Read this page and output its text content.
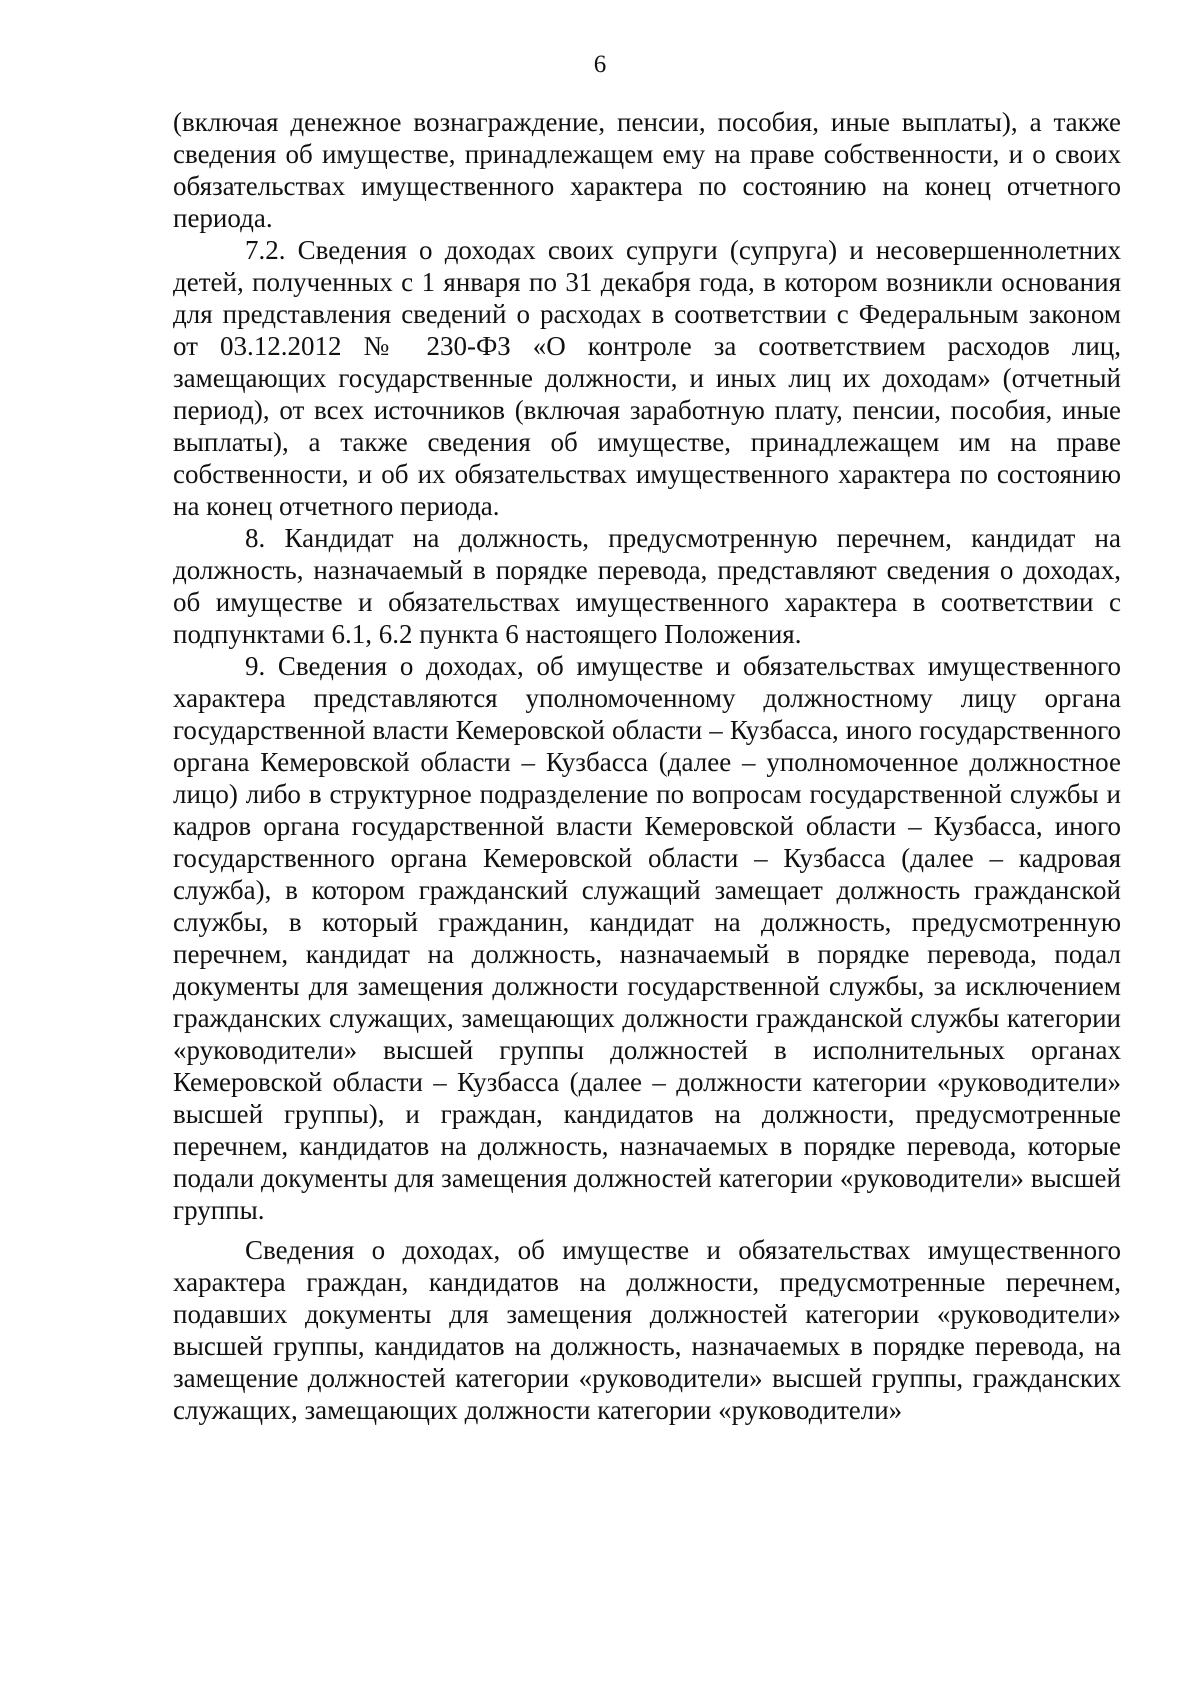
6

(включая денежное вознаграждение, пенсии, пособия, иные выплаты), а также сведения об имуществе, принадлежащем ему на праве собственности, и о своих обязательствах имущественного характера по состоянию на конец отчетного периода.

7.2. Сведения о доходах своих супруги (супруга) и несовершеннолетних детей, полученных с 1 января по 31 декабря года, в котором возникли основания для представления сведений о расходах в соответствии с Федеральным законом от 03.12.2012 № 230-ФЗ «О контроле за соответствием расходов лиц, замещающих государственные должности, и иных лиц их доходам» (отчетный период), от всех источников (включая заработную плату, пенсии, пособия, иные выплаты), а также сведения об имуществе, принадлежащем им на праве собственности, и об их обязательствах имущественного характера по состоянию на конец отчетного периода.

8. Кандидат на должность, предусмотренную перечнем, кандидат на должность, назначаемый в порядке перевода, представляют сведения о доходах, об имуществе и обязательствах имущественного характера в соответствии с подпунктами 6.1, 6.2 пункта 6 настоящего Положения.

9. Сведения о доходах, об имуществе и обязательствах имущественного характера представляются уполномоченному должностному лицу органа государственной власти Кемеровской области – Кузбасса, иного государственного органа Кемеровской области – Кузбасса (далее – уполномоченное должностное лицо) либо в структурное подразделение по вопросам государственной службы и кадров органа государственной власти Кемеровской области – Кузбасса, иного государственного органа Кемеровской области – Кузбасса (далее – кадровая служба), в котором гражданский служащий замещает должность гражданской службы, в который гражданин, кандидат на должность, предусмотренную перечнем, кандидат на должность, назначаемый в порядке перевода, подал документы для замещения должности государственной службы, за исключением гражданских служащих, замещающих должности гражданской службы категории «руководители» высшей группы должностей в исполнительных органах Кемеровской области – Кузбасса (далее – должности категории «руководители» высшей группы), и граждан, кандидатов на должности, предусмотренные перечнем, кандидатов на должность, назначаемых в порядке перевода, которые подали документы для замещения должностей категории «руководители» высшей группы.

Сведения о доходах, об имуществе и обязательствах имущественного характера граждан, кандидатов на должности, предусмотренные перечнем, подавших документы для замещения должностей категории «руководители» высшей группы, кандидатов на должность, назначаемых в порядке перевода, на замещение должностей категории «руководители» высшей группы, гражданских служащих, замещающих должности категории «руководители»
